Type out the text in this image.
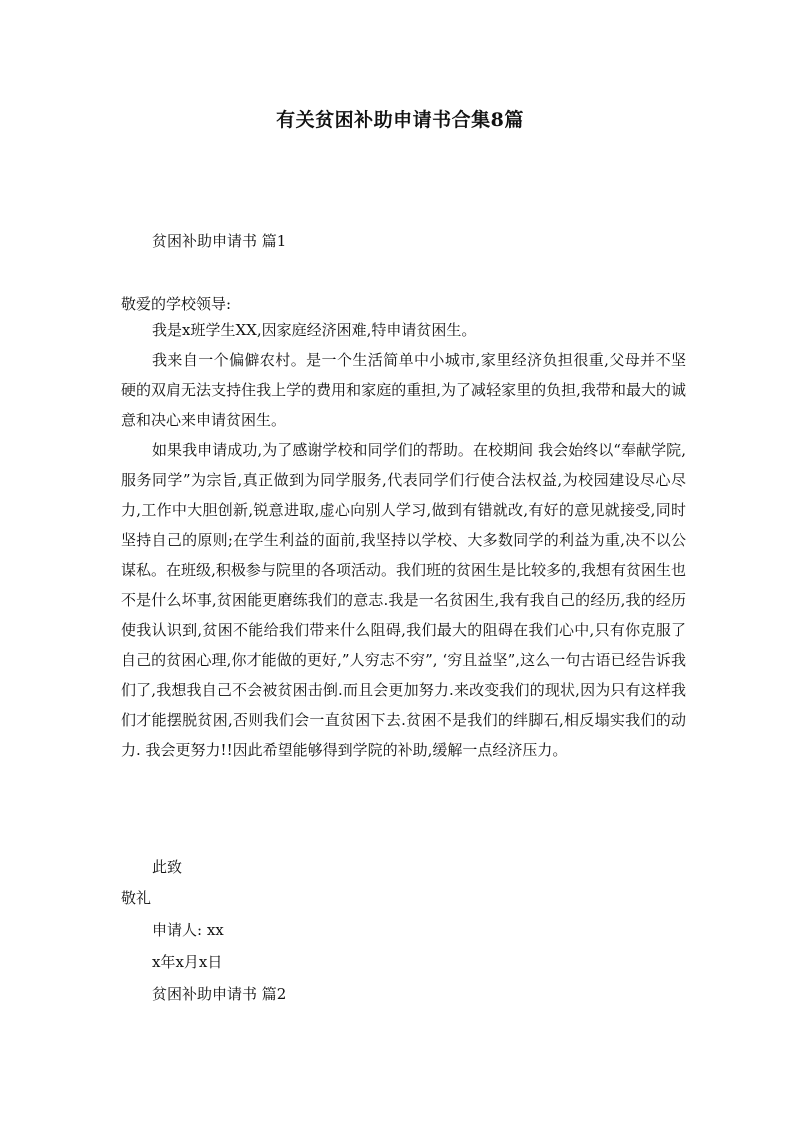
有关贫困补助申请书合集8篇
贫困补助申请书 篇1
敬爱的学校领导:

我是x班学生XX,因家庭经济困难,特申请贫困生。

我来自一个偏僻农村。是一个生活简单中小城市,家里经济负担很重,父母并不坚硬的双肩无法支持住我上学的费用和家庭的重担,为了减轻家里的负担,我带和最大的诚意和决心来申请贫困生。

如果我申请成功,为了感谢学校和同学们的帮助。在校期间 我会始终以“奉献学院,服务同学”为宗旨,真正做到为同学服务,代表同学们行使合法权益,为校园建设尽心尽力,工作中大胆创新,锐意进取,虚心向别人学习,做到有错就改,有好的意见就接受,同时坚持自己的原则;在学生利益的面前,我坚持以学校、大多数同学的利益为重,决不以公谋私。在班级,积极参与院里的各项活动。我们班的贫困生是比较多的,我想有贫困生也不是什么坏事,贫困能更磨练我们的意志.我是一名贫困生,我有我自己的经历,我的经历使我认识到,贫困不能给我们带来什么阻碍,我们最大的阻碍在我们心中,只有你克服了自己的贫困心理,你才能做的更好,”人穷志不穷”, ‘穷且益坚”,这么一句古语已经告诉我们了,我想我自己不会被贫困击倒.而且会更加努力.来改变我们的现状,因为只有这样我们才能摆脱贫困,否则我们会一直贫困下去.贫困不是我们的绊脚石,相反塌实我们的动力. 我会更努力!!因此希望能够得到学院的补助,缓解一点经济压力。

此致
敬礼
申请人: xx
x年x月x日
贫困补助申请书 篇2
